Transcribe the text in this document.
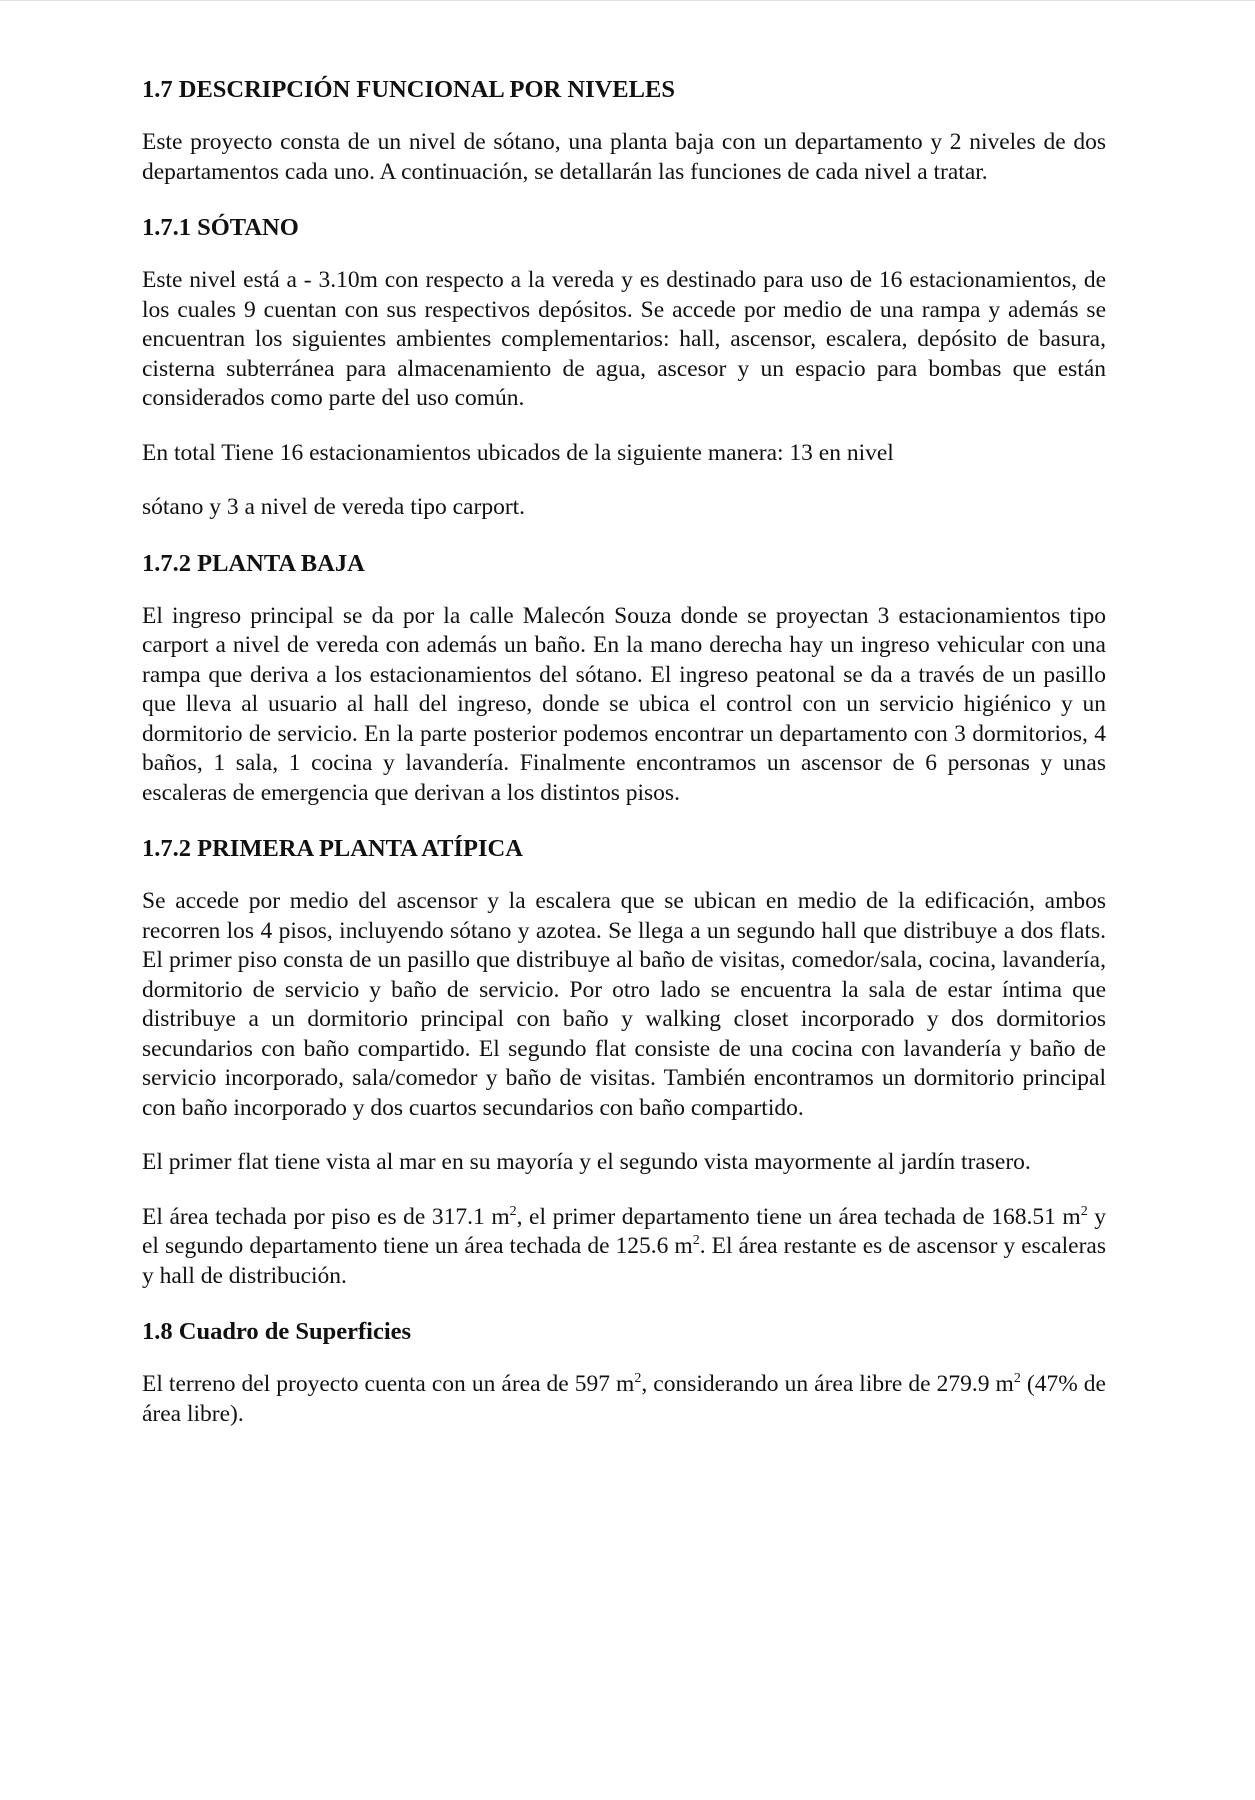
1.7 DESCRIPCIÓN FUNCIONAL POR NIVELES

Este proyecto consta de un nivel de sótano, una planta baja con un departamento y 2 niveles de dos departamentos cada uno. A continuación, se detallarán las funciones de cada nivel a tratar.

1.7.1 SÓTANO

Este nivel está a - 3.10m con respecto a la vereda y es destinado para uso de 16 estacionamientos, de los cuales 9 cuentan con sus respectivos depósitos. Se accede por medio de una rampa y además se encuentran los siguientes ambientes complementarios: hall, ascensor, escalera, depósito de basura, cisterna subterránea para almacenamiento de agua, ascesor y un espacio para bombas que están considerados como parte del uso común.

En total Tiene 16 estacionamientos ubicados de la siguiente manera: 13 en nivel

sótano y 3 a nivel de vereda tipo carport.

1.7.2 PLANTA BAJA

El ingreso principal se da por la calle Malecón Souza donde se proyectan 3 estacionamientos tipo carport a nivel de vereda con además un baño. En la mano derecha hay un ingreso vehicular con una rampa que deriva a los estacionamientos del sótano. El ingreso peatonal se da a través de un pasillo que lleva al usuario al hall del ingreso, donde se ubica el control con un servicio higiénico y un dormitorio de servicio. En la parte posterior podemos encontrar un departamento con 3 dormitorios, 4 baños, 1 sala, 1 cocina y lavandería. Finalmente encontramos un ascensor de 6 personas y unas escaleras de emergencia que derivan a los distintos pisos.

1.7.2 PRIMERA PLANTA ATÍPICA

Se accede por medio del ascensor y la escalera que se ubican en medio de la edificación, ambos recorren los 4 pisos, incluyendo sótano y azotea. Se llega a un segundo hall que distribuye a dos flats. El primer piso consta de un pasillo que distribuye al baño de visitas, comedor/sala, cocina, lavandería, dormitorio de servicio y baño de servicio. Por otro lado se encuentra la sala de estar íntima que distribuye a un dormitorio principal con baño y walking closet incorporado y dos dormitorios secundarios con baño compartido. El segundo flat consiste de una cocina con lavandería y baño de servicio incorporado, sala/comedor y baño de visitas. También encontramos un dormitorio principal con baño incorporado y dos cuartos secundarios con baño compartido.

El primer flat tiene vista al mar en su mayoría y el segundo vista mayormente al jardín trasero.

El área techada por piso es de 317.1 $m^2$, el primer departamento tiene un área techada de 168.51 $m^2$ y el segundo departamento tiene un área techada de 125.6 $m^2$. El área restante es de ascensor y escaleras y hall de distribución.

1.8 Cuadro de Superficies

El terreno del proyecto cuenta con un área de 597 $m^2$, considerando un área libre de 279.9 $m^2$ (47% de área libre).
